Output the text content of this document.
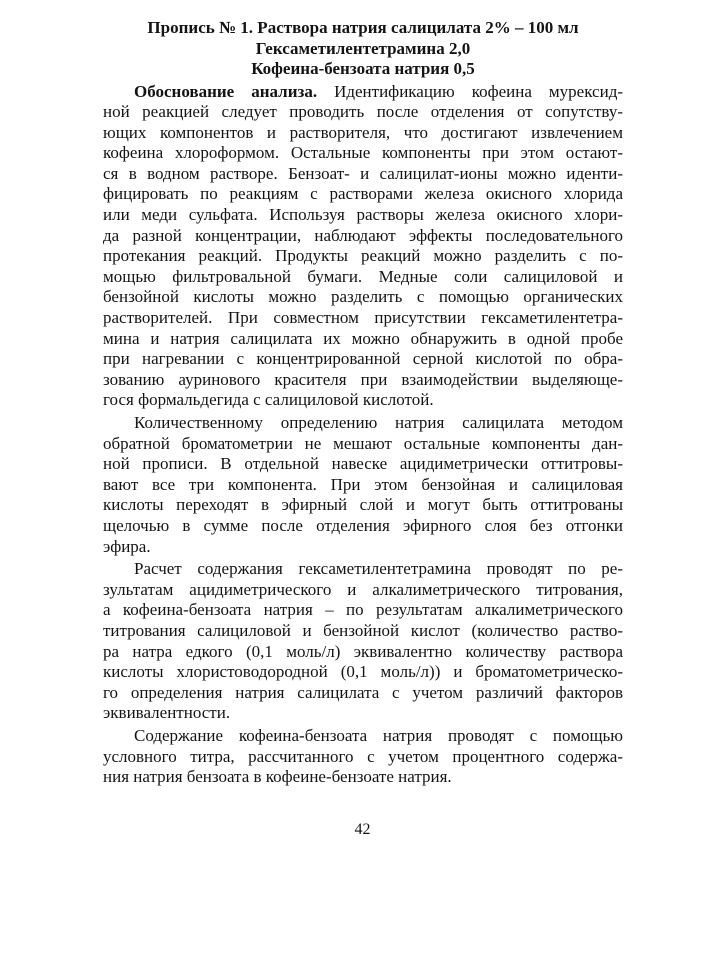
Пропись № 1. Раствора натрия салицилата 2% – 100 мл
Гексаметилентетрамина 2,0
Кофеина-бензоата натрия 0,5
Обоснование анализа. Идентификацию кофеина мурексид-
ной реакцией следует проводить после отделения от сопутству-
ющих компонентов и растворителя, что достигают извлечением
кофеина хлороформом. Остальные компоненты при этом остают-
ся в водном растворе. Бензоат- и салицилат-ионы можно иденти-
фицировать по реакциям с растворами железа окисного хлорида
или меди сульфата. Используя растворы железа окисного хлори-
да разной концентрации, наблюдают эффекты последовательного
протекания реакций. Продукты реакций можно разделить с по-
мощью фильтровальной бумаги. Медные соли салициловой и
бензойной кислоты можно разделить с помощью органических
растворителей. При совместном присутствии гексаметилентетра-
мина и натрия салицилата их можно обнаружить в одной пробе
при нагревании с концентрированной серной кислотой по обра-
зованию ауринового красителя при взаимодействии выделяюще-
гося формальдегида с салициловой кислотой.
Количественному определению натрия салицилата методом
обратной броматометрии не мешают остальные компоненты дан-
ной прописи. В отдельной навеске ацидиметрически оттитровы-
вают все три компонента. При этом бензойная и салициловая
кислоты переходят в эфирный слой и могут быть оттитрованы
щелочью в сумме после отделения эфирного слоя без отгонки
эфира.
Расчет содержания гексаметилентетрамина проводят по ре-
зультатам ацидиметрического и алкалиметрического титрования,
а кофеина-бензоата натрия – по результатам алкалиметрического
титрования салициловой и бензойной кислот (количество раство-
ра натра едкого (0,1 моль/л) эквивалентно количеству раствора
кислоты хлористоводородной (0,1 моль/л)) и броматометрическо-
го определения натрия салицилата с учетом различий факторов
эквивалентности.
Содержание кофеина-бензоата натрия проводят с помощью
условного титра, рассчитанного с учетом процентного содержа-
ния натрия бензоата в кофеине-бензоате натрия.
42
